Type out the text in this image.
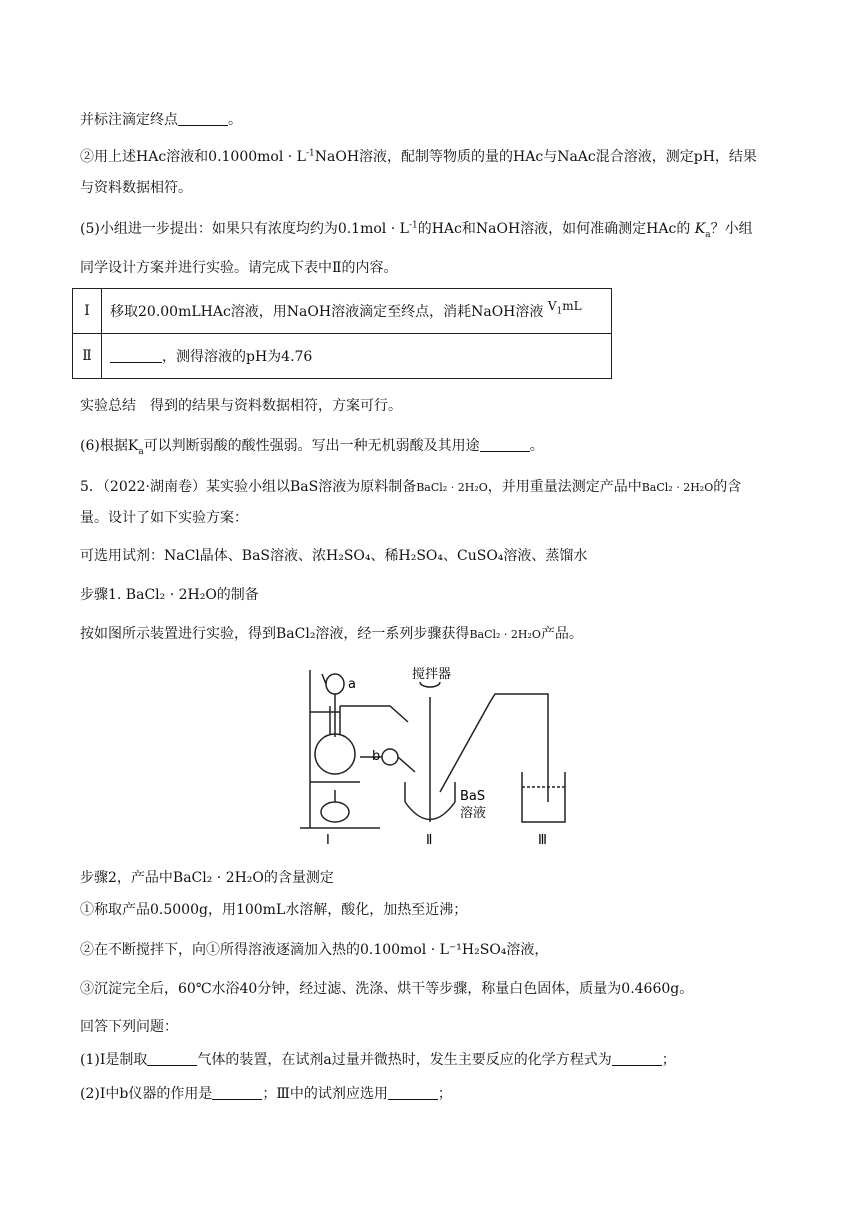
并标注滴定终点	。
②用上述HAc溶液和$0.1000mol \cdot L^{-1}NaOH$溶液，配制等物质的量的HAc与NaAc混合溶液，测定pH，结果
与资料数据相符。
(5)小组进一步提出：如果只有浓度均约为$0.1mol \cdot L^{-1}$的HAc和NaOH溶液，如何准确测定HAc的 $K_a$？小组
同学设计方案并进行实验。请完成下表中Ⅱ的内容。
Ⅰ	移取20.00mLHAc溶液，用NaOH溶液滴定至终点，消耗NaOH溶液 $^{V_1mL}$
Ⅱ	，测得溶液的pH为4.76
实验总结　得到的结果与资料数据相符，方案可行。
(6)根据$K_a$可以判断弱酸的酸性强弱。写出一种无机弱酸及其用途	。
5．（2022·湖南卷）某实验小组以BaS溶液为原料制备BaCl₂ · 2H₂O，并用重量法测定产品中BaCl₂ · 2H₂O的含
量。设计了如下实验方案：
可选用试剂：NaCl晶体、BaS溶液、浓H₂SO₄、稀H₂SO₄、CuSO₄溶液、蒸馏水
步骤1. BaCl₂ · 2H₂O的制备
按如图所示装置进行实验，得到BaCl₂溶液，经一系列步骤获得BaCl₂ · 2H₂O产品。
a
b
搅拌器
BaS
溶液
Ⅰ	Ⅱ	Ⅲ
步骤2，产品中BaCl₂ · 2H₂O的含量测定
①称取产品0.5000g，用100mL水溶解，酸化，加热至近沸；
②在不断搅拌下，向①所得溶液逐滴加入热的0.100mol · L⁻¹H₂SO₄溶液，
③沉淀完全后，60℃水浴40分钟，经过滤、洗涤、烘干等步骤，称量白色固体，质量为0.4660g。
回答下列问题：
(1)Ⅰ是制取	气体的装置，在试剂a过量并微热时，发生主要反应的化学方程式为	；
(2)Ⅰ中b仪器的作用是	；Ⅲ中的试剂应选用	；
